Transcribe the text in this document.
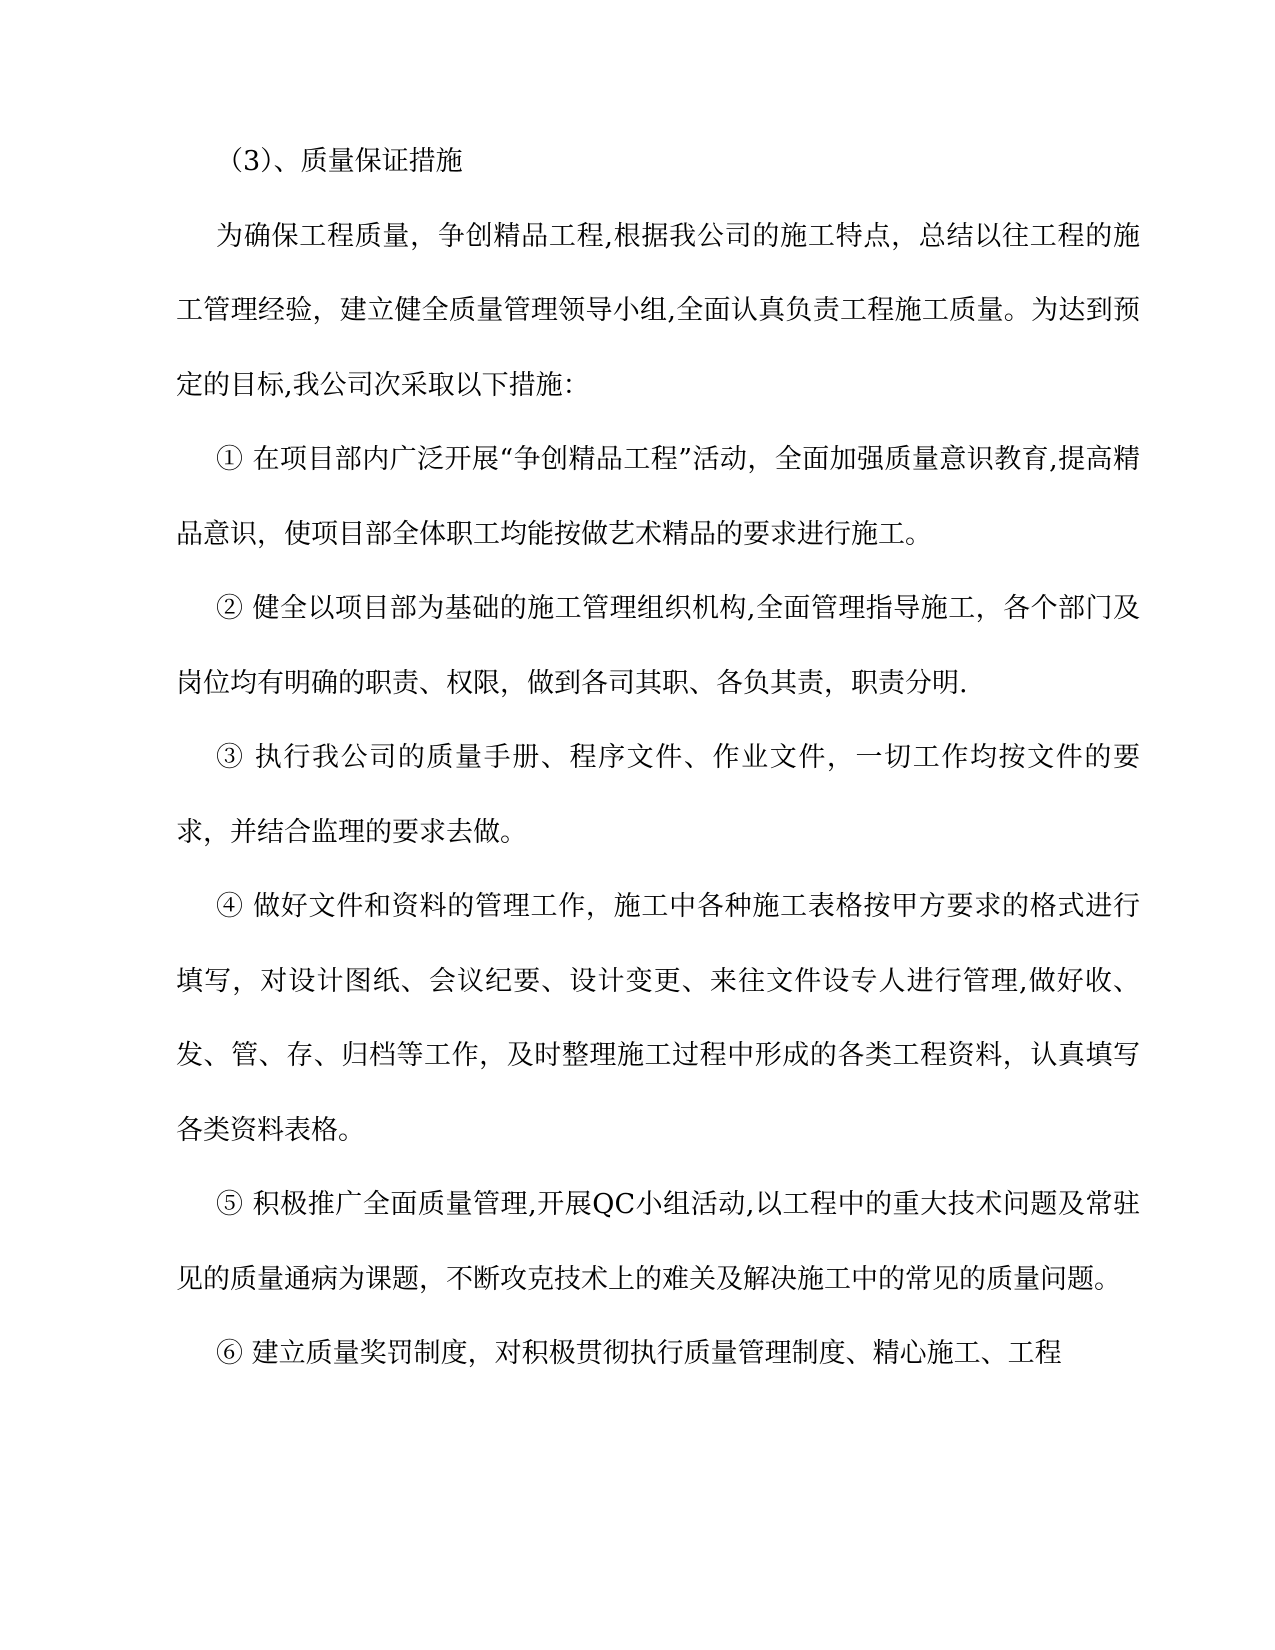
（3）、质量保证措施

为确保工程质量，争创精品工程,根据我公司的施工特点，总结以往工程的施工管理经验，建立健全质量管理领导小组,全面认真负责工程施工质量。为达到预定的目标,我公司次采取以下措施：

① 在项目部内广泛开展“争创精品工程”活动，全面加强质量意识教育,提高精品意识，使项目部全体职工均能按做艺术精品的要求进行施工。

② 健全以项目部为基础的施工管理组织机构,全面管理指导施工，各个部门及岗位均有明确的职责、权限，做到各司其职、各负其责，职责分明.

③ 执行我公司的质量手册、程序文件、作业文件，一切工作均按文件的要求，并结合监理的要求去做。

④ 做好文件和资料的管理工作，施工中各种施工表格按甲方要求的格式进行填写，对设计图纸、会议纪要、设计变更、来往文件设专人进行管理,做好收、发、管、存、归档等工作，及时整理施工过程中形成的各类工程资料，认真填写各类资料表格。

⑤ 积极推广全面质量管理,开展QC小组活动,以工程中的重大技术问题及常驻见的质量通病为课题，不断攻克技术上的难关及解决施工中的常见的质量问题。

⑥ 建立质量奖罚制度，对积极贯彻执行质量管理制度、精心施工、工程
